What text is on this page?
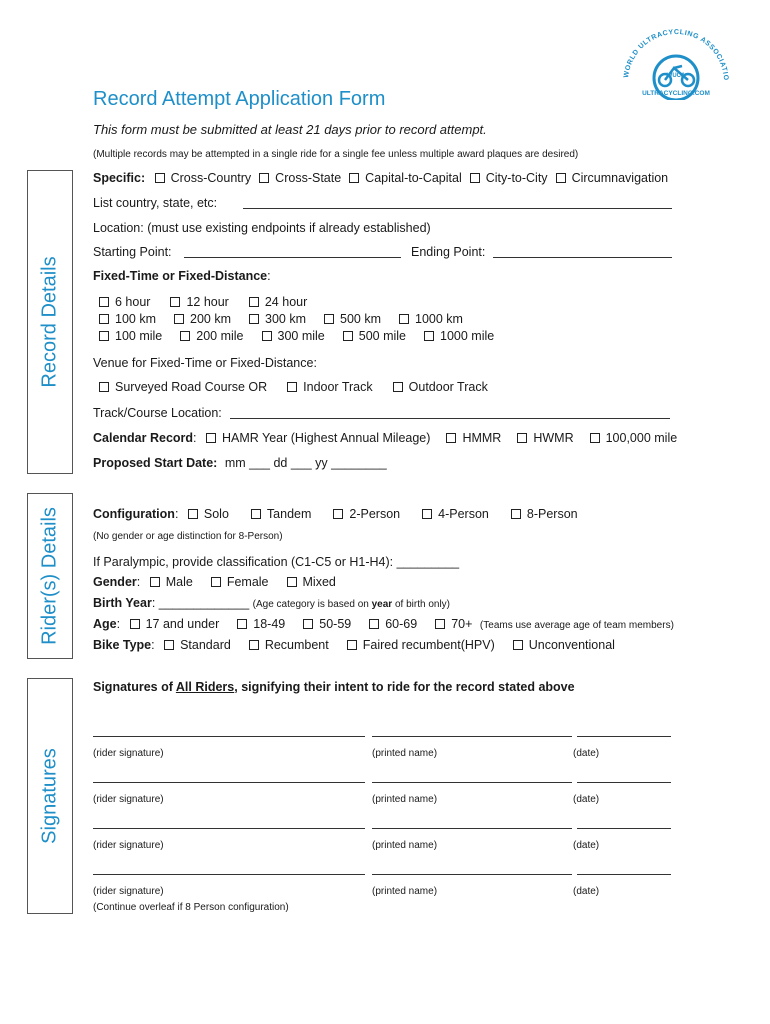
WORLD ULTRACYCLING ASSOCIATIO
WUCA
ULTRACYCLING.COM
Record Attempt Application Form
This form must be submitted at least 21 days prior to record attempt.
(Multiple records may be attempted in a single ride for a single fee unless multiple award plaques are desired)
Record Details
Rider(s) Details
Signatures
Specific: Cross-Country Cross-State Capital-to-Capital City-to-City Circumnavigation
List country, state, etc:
Location: (must use existing endpoints if already established)
Starting Point:	Ending Point:
Fixed-Time or Fixed-Distance:
6 hour	12 hour	24 hour
100 km	200 km	300 km	500 km	1000 km
100 mile	200 mile	300 mile	500 mile	1000 mile
Venue for Fixed-Time or Fixed-Distance:
Surveyed Road Course OR	Indoor Track	Outdoor Track
Track/Course Location:
Calendar Record: HAMR Year (Highest Annual Mileage)	HMMR	HWMR	100,000 mile
Proposed Start Date: mm ___ dd ___ yy ________
Configuration: Solo	Tandem	2-Person	4-Person	8-Person
(No gender or age distinction for 8-Person)
If Paralympic, provide classification (C1-C5 or H1-H4): _________
Gender: Male	Female	Mixed
Birth Year: _____________ (Age category is based on year of birth only)
Age: 17 and under	18-49	50-59	60-69	70+ (Teams use average age of team members)
Bike Type: Standard	Recumbent	Faired recumbent(HPV)	Unconventional
Signatures of All Riders, signifying their intent to ride for the record stated above
(rider signature)	(printed name)	(date)
(rider signature)	(printed name)	(date)
(rider signature)	(printed name)	(date)
(rider signature)	(printed name)	(date)
(Continue overleaf if 8 Person configuration)
